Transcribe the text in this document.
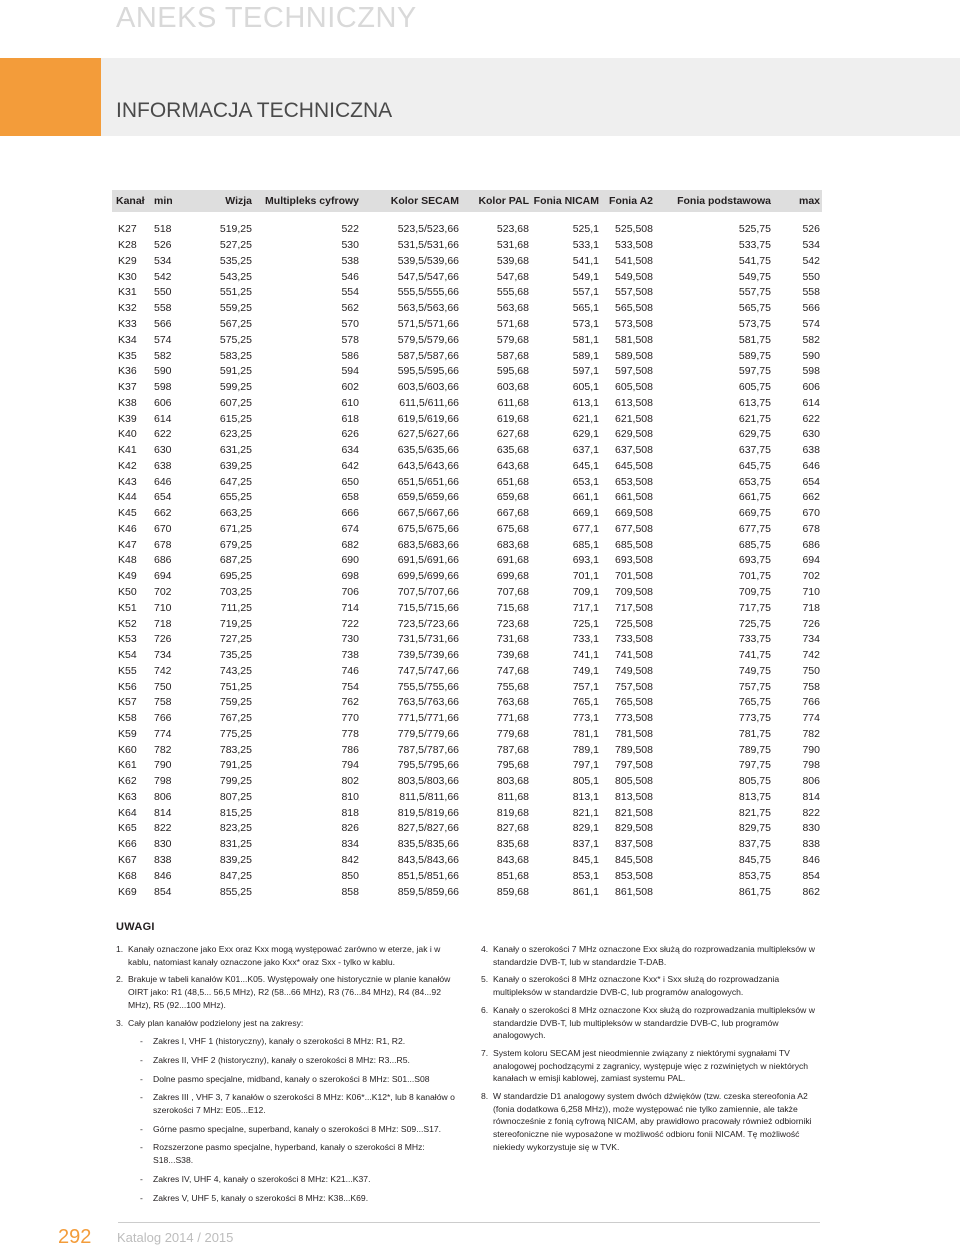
ANEKS TECHNICZNY
INFORMACJA TECHNICZNA
Kanał	min	Wizja	Multipleks cyfrowy	Kolor SECAM	Kolor PAL	Fonia NICAM	Fonia A2	Fonia podstawowa	max

K27	518	519,25	522	523,5/523,66	523,68	525,1	525,508	525,75	526
K28	526	527,25	530	531,5/531,66	531,68	533,1	533,508	533,75	534
K29	534	535,25	538	539,5/539,66	539,68	541,1	541,508	541,75	542
K30	542	543,25	546	547,5/547,66	547,68	549,1	549,508	549,75	550
K31	550	551,25	554	555,5/555,66	555,68	557,1	557,508	557,75	558
K32	558	559,25	562	563,5/563,66	563,68	565,1	565,508	565,75	566
K33	566	567,25	570	571,5/571,66	571,68	573,1	573,508	573,75	574
K34	574	575,25	578	579,5/579,66	579,68	581,1	581,508	581,75	582
K35	582	583,25	586	587,5/587,66	587,68	589,1	589,508	589,75	590
K36	590	591,25	594	595,5/595,66	595,68	597,1	597,508	597,75	598
K37	598	599,25	602	603,5/603,66	603,68	605,1	605,508	605,75	606
K38	606	607,25	610	611,5/611,66	611,68	613,1	613,508	613,75	614
K39	614	615,25	618	619,5/619,66	619,68	621,1	621,508	621,75	622
K40	622	623,25	626	627,5/627,66	627,68	629,1	629,508	629,75	630
K41	630	631,25	634	635,5/635,66	635,68	637,1	637,508	637,75	638
K42	638	639,25	642	643,5/643,66	643,68	645,1	645,508	645,75	646
K43	646	647,25	650	651,5/651,66	651,68	653,1	653,508	653,75	654
K44	654	655,25	658	659,5/659,66	659,68	661,1	661,508	661,75	662
K45	662	663,25	666	667,5/667,66	667,68	669,1	669,508	669,75	670
K46	670	671,25	674	675,5/675,66	675,68	677,1	677,508	677,75	678
K47	678	679,25	682	683,5/683,66	683,68	685,1	685,508	685,75	686
K48	686	687,25	690	691,5/691,66	691,68	693,1	693,508	693,75	694
K49	694	695,25	698	699,5/699,66	699,68	701,1	701,508	701,75	702
K50	702	703,25	706	707,5/707,66	707,68	709,1	709,508	709,75	710
K51	710	711,25	714	715,5/715,66	715,68	717,1	717,508	717,75	718
K52	718	719,25	722	723,5/723,66	723,68	725,1	725,508	725,75	726
K53	726	727,25	730	731,5/731,66	731,68	733,1	733,508	733,75	734
K54	734	735,25	738	739,5/739,66	739,68	741,1	741,508	741,75	742
K55	742	743,25	746	747,5/747,66	747,68	749,1	749,508	749,75	750
K56	750	751,25	754	755,5/755,66	755,68	757,1	757,508	757,75	758
K57	758	759,25	762	763,5/763,66	763,68	765,1	765,508	765,75	766
K58	766	767,25	770	771,5/771,66	771,68	773,1	773,508	773,75	774
K59	774	775,25	778	779,5/779,66	779,68	781,1	781,508	781,75	782
K60	782	783,25	786	787,5/787,66	787,68	789,1	789,508	789,75	790
K61	790	791,25	794	795,5/795,66	795,68	797,1	797,508	797,75	798
K62	798	799,25	802	803,5/803,66	803,68	805,1	805,508	805,75	806
K63	806	807,25	810	811,5/811,66	811,68	813,1	813,508	813,75	814
K64	814	815,25	818	819,5/819,66	819,68	821,1	821,508	821,75	822
K65	822	823,25	826	827,5/827,66	827,68	829,1	829,508	829,75	830
K66	830	831,25	834	835,5/835,66	835,68	837,1	837,508	837,75	838
K67	838	839,25	842	843,5/843,66	843,68	845,1	845,508	845,75	846
K68	846	847,25	850	851,5/851,66	851,68	853,1	853,508	853,75	854
K69	854	855,25	858	859,5/859,66	859,68	861,1	861,508	861,75	862
UWAGI
1. Kanały oznaczone jako Exx oraz Kxx mogą występować zarówno w eterze, jak i w kablu, natomiast kanały oznaczone jako Kxx* oraz Sxx - tylko w kablu.
2. Brakuje w tabeli kanałów K01...K05. Występowały one historycznie w planie kanałów OIRT jako: R1 (48,5... 56,5 MHz), R2 (58...66 MHz), R3 (76...84 MHz), R4 (84...92 MHz), R5 (92...100 MHz).
3. Cały plan kanałów podzielony jest na zakresy:
- Zakres I, VHF 1 (historyczny), kanały o szerokości 8 MHz: R1, R2.
- Zakres II, VHF 2 (historyczny), kanały o szerokości 8 MHz: R3...R5.
- Dolne pasmo specjalne, midband, kanały o szerokości 8 MHz: S01...S08
- Zakres III , VHF 3, 7 kanałów o szerokości 8 MHz: K06*...K12*, lub 8 kanałów o szerokości 7 MHz: E05...E12.
- Górne pasmo specjalne, superband, kanały o szerokości 8 MHz: S09...S17.
- Rozszerzone pasmo specjalne, hyperband, kanały o szerokości 8 MHz: S18...S38.
- Zakres IV, UHF 4, kanały o szerokości 8 MHz: K21...K37.
- Zakres V, UHF 5, kanały o szerokości 8 MHz: K38...K69.
4. Kanały o szerokości 7 MHz oznaczone Exx służą do rozprowadzania multipleksów w standardzie DVB-T, lub w standardzie T-DAB.
5. Kanały o szerokości 8 MHz oznaczone Kxx* i Sxx służą do rozprowadzania multipleksów w standardzie DVB-C, lub programów analogowych.
6. Kanały o szerokości 8 MHz oznaczone Kxx służą do rozprowadzania multipleksów w standardzie DVB-T, lub multipleksów w standardzie DVB-C, lub programów analogowych.
7. System koloru SECAM jest nieodmiennie związany z niektórymi sygnałami TV analogowej pochodzącymi z zagranicy, występuje więc z rozwiniętych w niektórych kanałach w emisji kablowej, zamiast systemu PAL.
8. W standardzie D1 analogowy system dwóch dźwięków (tzw. czeska stereofonia A2 (fonia dodatkowa 6,258 MHz)), może występować nie tylko zamiennie, ale także równocześnie z fonią cyfrową NICAM, aby prawidłowo pracowały również odbiorniki stereofoniczne nie wyposażone w możliwość odbioru fonii NICAM. Tę możliwość niekiedy wykorzystuje się w TVK.
292 Katalog 2014 / 2015
